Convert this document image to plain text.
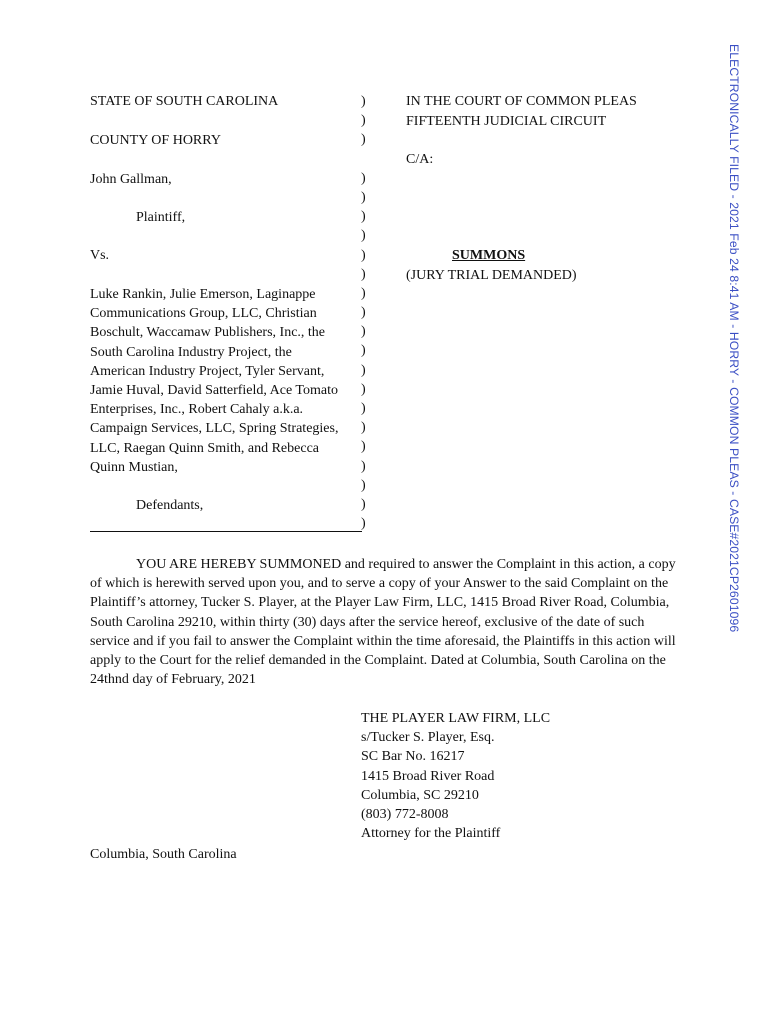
ELECTRONICALLY FILED - 2021 Feb 24 8:41 AM - HORRY - COMMON PLEAS - CASE#2021CP2601096
STATE OF SOUTH CAROLINA
COUNTY OF HORRY
John Gallman,
Plaintiff,
Vs.
Luke Rankin, Julie Emerson, Laginappe
Communications Group, LLC, Christian
Boschult, Waccamaw Publishers, Inc., the
South Carolina Industry Project, the
American Industry Project, Tyler Servant,
Jamie Huval, David Satterfield, Ace Tomato
Enterprises, Inc., Robert Cahaly a.k.a.
Campaign Services, LLC, Spring Strategies,
LLC, Raegan Quinn Smith, and Rebecca
Quinn Mustian,
Defendants,
)
)
)
)
)
)
)
)
)
)
)
)
)
)
)
)
)
)
)
)
)
)
IN THE COURT OF COMMON PLEAS
FIFTEENTH JUDICIAL CIRCUIT
C/A:
SUMMONS
(JURY TRIAL DEMANDED)
YOU ARE HEREBY SUMMONED and required to answer the Complaint in this action, a copy of which is herewith served upon you, and to serve a copy of your Answer to the said Complaint on the Plaintiff’s attorney, Tucker S. Player, at the Player Law Firm, LLC, 1415 Broad River Road, Columbia, South Carolina 29210, within thirty (30) days after the service hereof, exclusive of the date of such service and if you fail to answer the Complaint within the time aforesaid, the Plaintiffs in this action will apply to the Court for the relief demanded in the Complaint. Dated at Columbia, South Carolina on the 24thnd day of February, 2021
THE PLAYER LAW FIRM, LLC
s/Tucker S. Player, Esq.
SC Bar No. 16217
1415 Broad River Road
Columbia, SC 29210
(803) 772-8008
Attorney for the Plaintiff
Columbia, South Carolina
